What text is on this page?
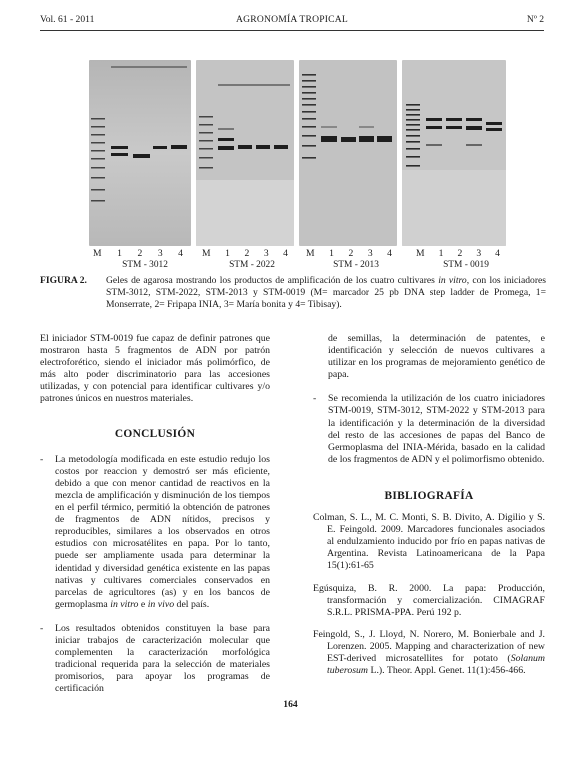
Vol. 61 - 2011	AGRONOMÍA TROPICAL	Nº 2
M 1 2 3 4 M 1 2 3 4 M 1 2 3 4	M 1 2 3 4
STM - 3012	STM - 2022	STM - 2013	STM - 0019
FIGURA 2. Geles de agarosa mostrando los productos de amplificación de los cuatro cultivares in vitro, con los iniciadores STM-3012, STM-2022, STM-2013 y STM-0019 (M= marcador 25 pb DNA step ladder de Promega, 1= Monserrate, 2= Fripapa INIA, 3= María bonita y 4= Tibisay).

El iniciador STM-0019 fue capaz de definir patrones que mostraron hasta 5 fragmentos de ADN por patrón electroforético, siendo el iniciador más polimórfico, de más alto poder discriminatorio para las accesiones utilizadas, y con potencial para identificar cultivares y/o patrones únicos en nuestros materiales.

CONCLUSIÓN

- La metodología modificada en este estudio redujo los costos por reaccion y demostró ser más eficiente, debido a que con menor cantidad de reactivos en la mezcla de amplificación y disminución de los tiempos en el perfil térmico, permitió la obtención de patrones de fragmentos de ADN nítidos, precisos y reproducibles, similares a los observados en otros estudios con microsatélites en papa. Por lo tanto, puede ser ampliamente usada para determinar la identidad y diversidad genética existente en las papas nativas y cultivares comerciales conservados en parcelas de agricultores (as) y en los bancos de germoplasma in vitro e in vivo del país.

- Los resultados obtenidos constituyen la base para iniciar trabajos de caracterización molecular que complementen la caracterización morfológica tradicional requerida para la selección de materiales promisorios, para apoyar los programas de certificación

de semillas, la determinación de patentes, e identificación y selección de nuevos cultivares a utilizar en los programas de mejoramiento genético de papa.

- Se recomienda la utilización de los cuatro iniciadores STM-0019, STM-3012, STM-2022 y STM-2013 para la identificación y la determinación de la diversidad del resto de las accesiones de papas del Banco de Germoplasma del INIA-Mérida, basado en la calidad de los fragmentos de ADN y el polimorfismo obtenido.

BIBLIOGRAFÍA

Colman, S. L., M. C. Monti, S. B. Divito, A. Digilio y S. E. Feingold. 2009. Marcadores funcionales asociados al endulzamiento inducido por frío en papas nativas de Argentina. Revista Latinoamericana de la Papa 15(1):61-65

Egúsquiza, B. R. 2000. La papa: Producción, transformación y comercialización. CIMAGRAF S.R.L. PRISMA-PPA. Perú 192 p.

Feingold, S., J. Lloyd, N. Norero, M. Bonierbale and J. Lorenzen. 2005. Mapping and characterization of new EST-derived microsatellites for potato (Solanum tuberosum L.). Theor. Appl. Genet. 11(1):456-466.

164
